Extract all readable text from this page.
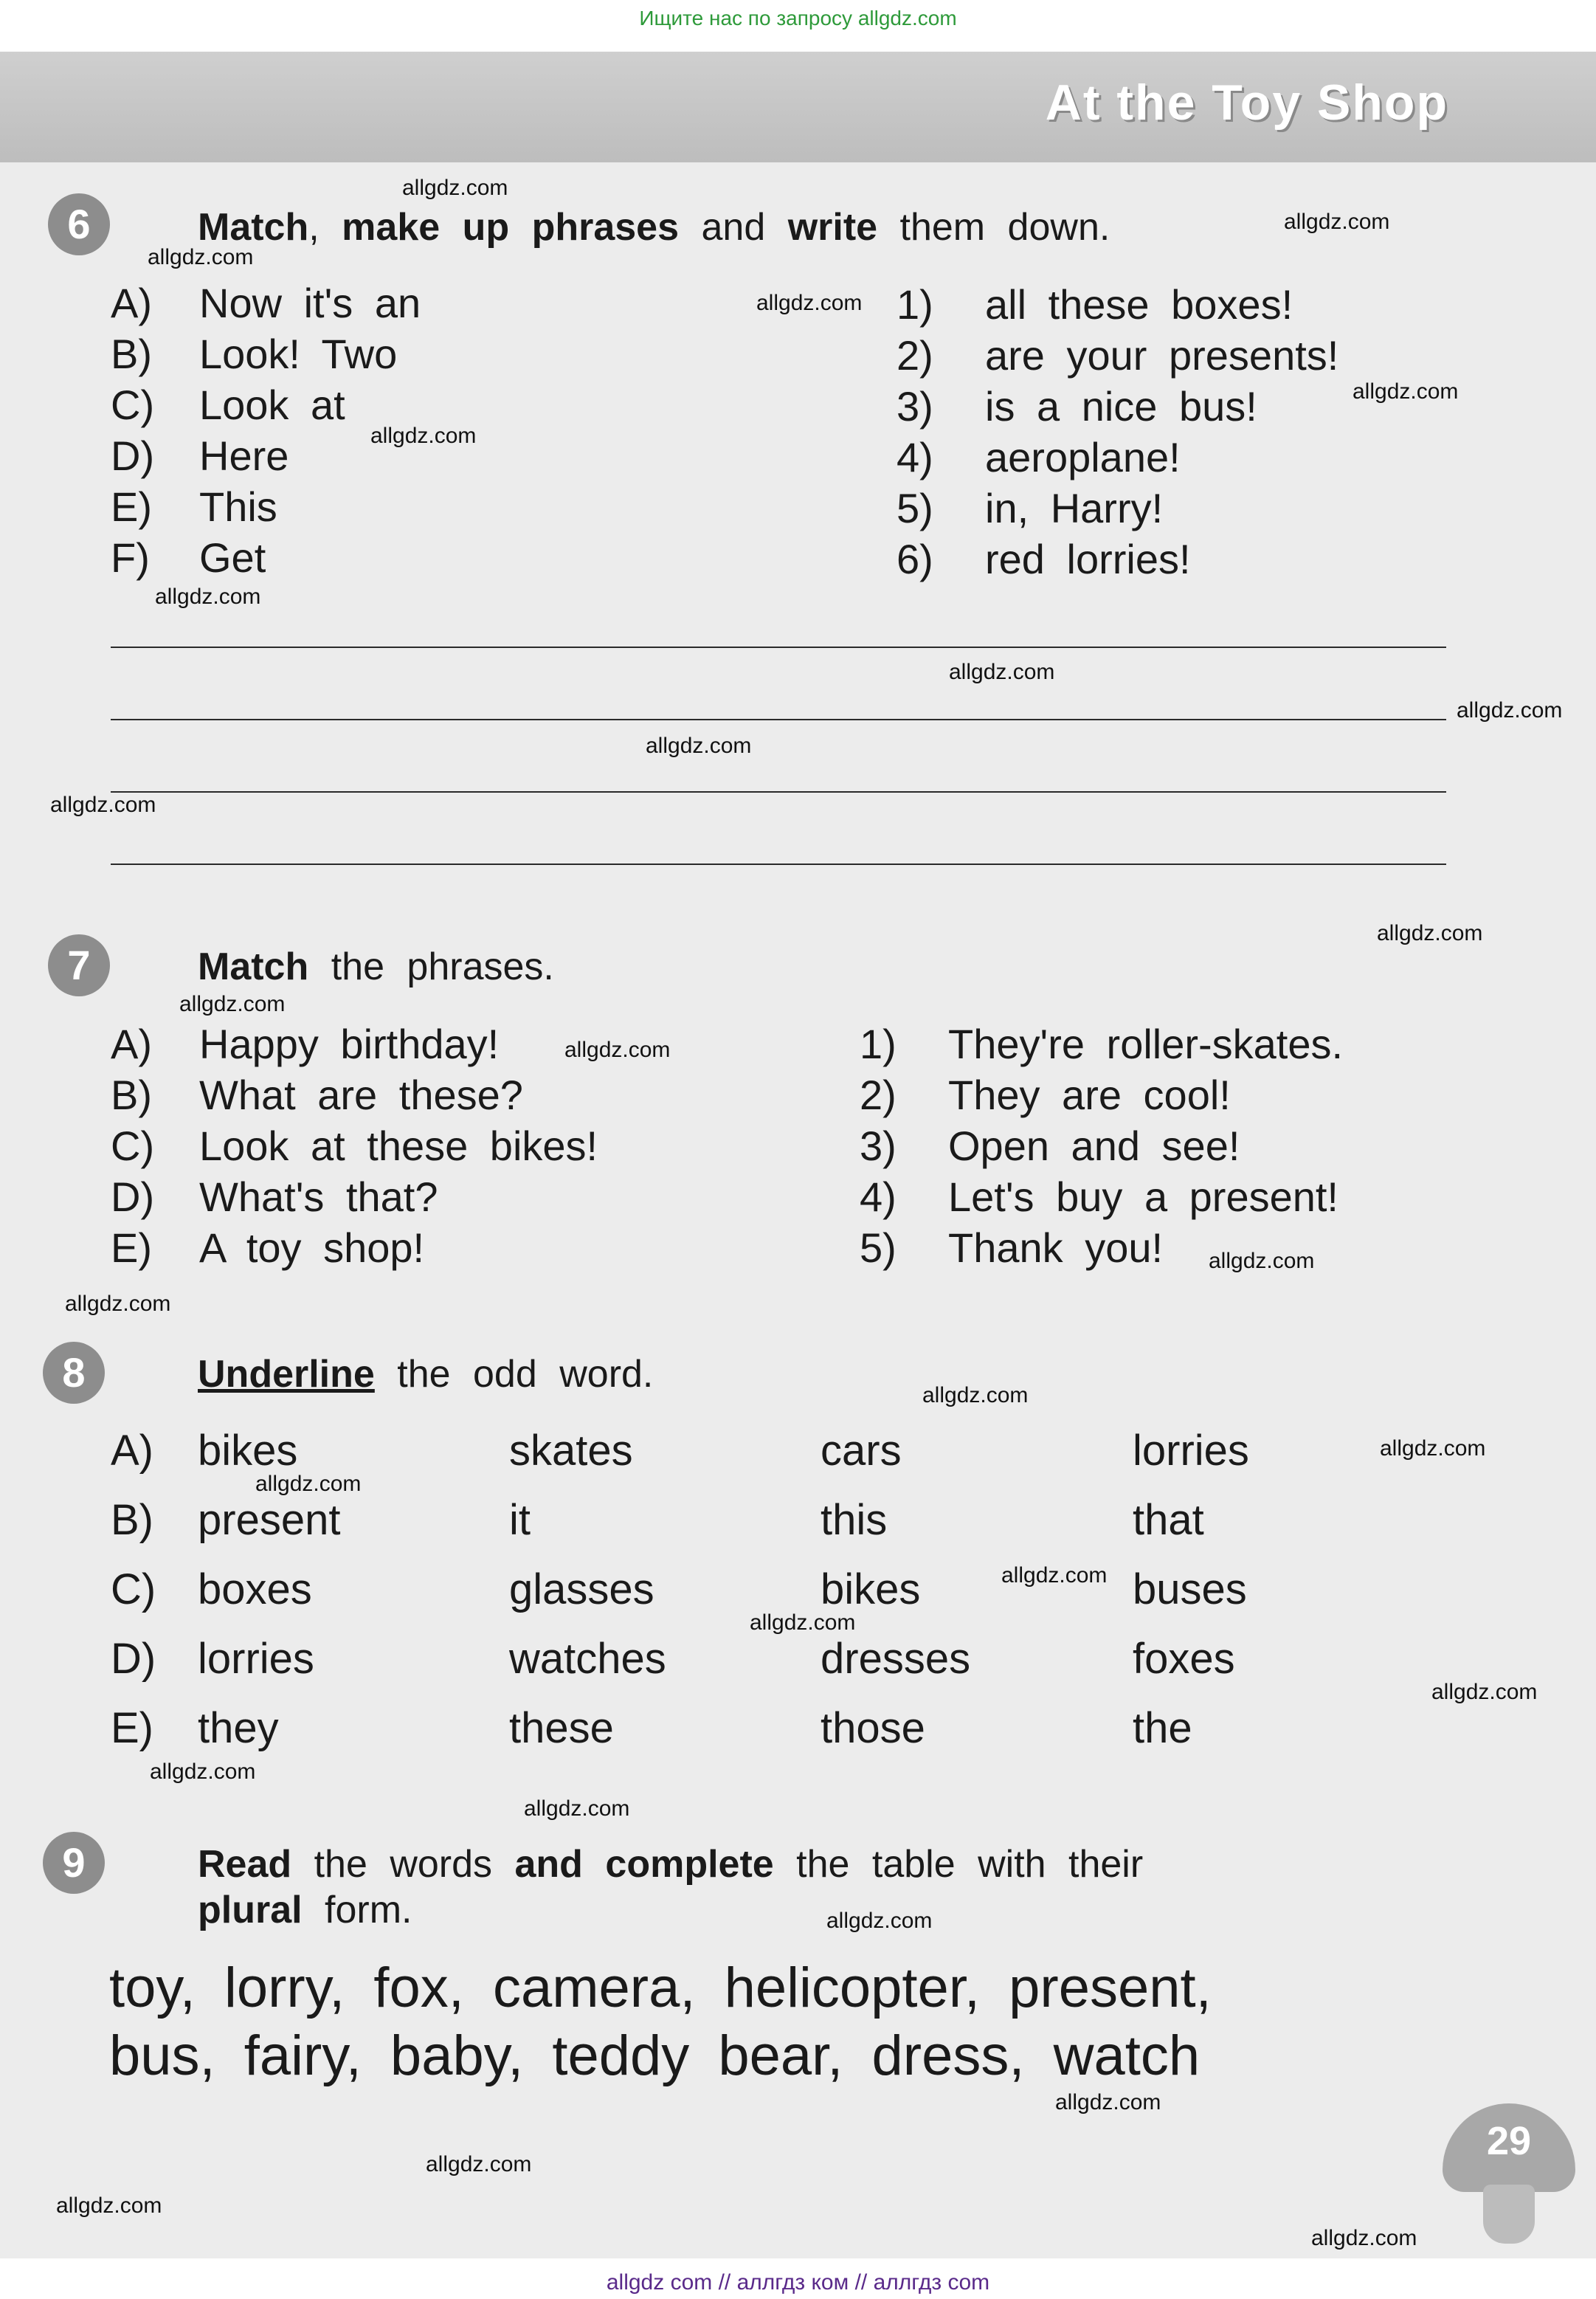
Ищите нас по запросу allgdz.com
At the Toy Shop
6	Match, make up phrases and write them down.
A) Now it's an
B) Look! Two
C) Look at
D) Here
E) This
F) Get
1) all these boxes!
2) are your presents!
3) is a nice bus!
4) aeroplane!
5) in, Harry!
6) red lorries!
7	Match the phrases.
A) Happy birthday!
B) What are these?
C) Look at these bikes!
D) What's that?
E) A toy shop!
1) They're roller-skates.
2) They are cool!
3) Open and see!
4) Let's buy a present!
5) Thank you!
8	Underline the odd word.
A) bikes	skates	cars	lorries
B) present	it	this	that
C) boxes	glasses	bikes	buses
D) lorries	watches	dresses	foxes
E) they	these	those	the
9	Read the words and complete the table with their
plural form.
toy, lorry, fox, camera, helicopter, present,
bus, fairy, baby, teddy bear, dress, watch
29
allgdz.com
allgdz.com
allgdz.com
allgdz.com
allgdz.com
allgdz.com
allgdz.com
allgdz.com
allgdz.com
allgdz.com
allgdz.com
allgdz.com
allgdz.com
allgdz.com
allgdz.com
allgdz.com
allgdz.com
allgdz.com
allgdz.com
allgdz.com
allgdz.com
allgdz.com
allgdz.com
allgdz.com
allgdz.com
allgdz.com
allgdz.com
allgdz.com
allgdz.com
allgdz com // аллгдз ком // аллгдз com
